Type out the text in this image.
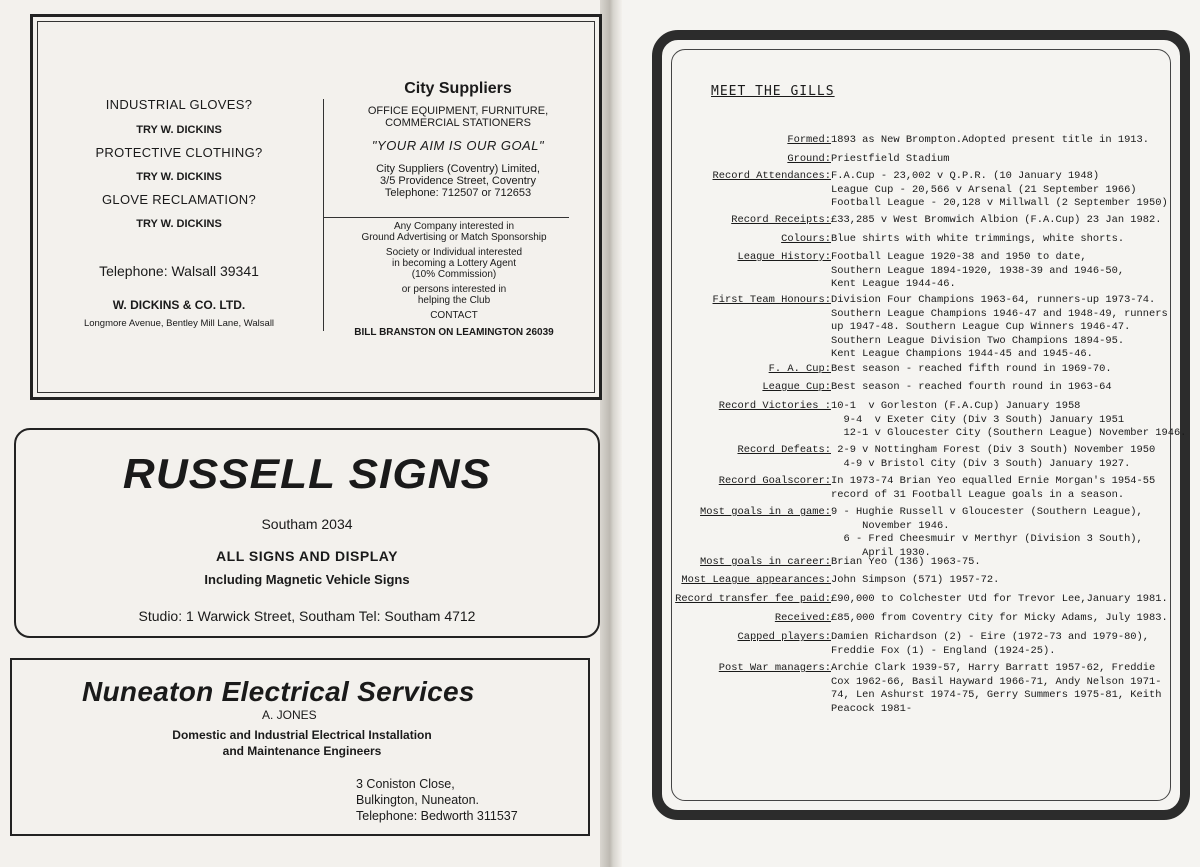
INDUSTRIAL GLOVES?
TRY W. DICKINS
PROTECTIVE CLOTHING?
TRY W. DICKINS
GLOVE RECLAMATION?
TRY W. DICKINS
Telephone: Walsall 39341
W. DICKINS & CO. LTD.
Longmore Avenue, Bentley Mill Lane, Walsall
City Suppliers
OFFICE EQUIPMENT, FURNITURE,
COMMERCIAL STATIONERS
"YOUR AIM IS OUR GOAL"
City Suppliers (Coventry) Limited,
3/5 Providence Street, Coventry
Telephone: 712507 or 712653
Any Company interested in
Ground Advertising or Match Sponsorship
Society or Individual interested
in becoming a Lottery Agent
(10% Commission)
or persons interested in
helping the Club
CONTACT
BILL BRANSTON ON LEAMINGTON 26039
RUSSELL SIGNS
Southam 2034
ALL SIGNS AND DISPLAY
Including Magnetic Vehicle Signs
Studio: 1 Warwick Street, Southam Tel: Southam 4712
Nuneaton Electrical Services
A. JONES
Domestic and Industrial Electrical Installation
and Maintenance Engineers
3 Coniston Close,
Bulkington, Nuneaton.
Telephone: Bedworth 311537
MEET THE GILLS
Formed: 1893 as New Brompton.Adopted present title in 1913.
Ground: Priestfield Stadium
Record Attendances: F.A.Cup - 23,002 v Q.P.R. (10 January 1948)
League Cup - 20,566 v Arsenal (21 September 1966)
Football League - 20,128 v Millwall (2 September 1950)
Record Receipts: £33,285 v West Bromwich Albion (F.A.Cup) 23 Jan 1982.
Colours: Blue shirts with white trimmings, white shorts.
League History: Football League 1920-38 and 1950 to date,
Southern League 1894-1920, 1938-39 and 1946-50,
Kent League 1944-46.
First Team Honours: Division Four Champions 1963-64, runners-up 1973-74.
Southern League Champions 1946-47 and 1948-49, runners
up 1947-48. Southern League Cup Winners 1946-47.
Southern League Division Two Champions 1894-95.
Kent League Champions 1944-45 and 1945-46.
F. A. Cup: Best season - reached fifth round in 1969-70.
League Cup: Best season - reached fourth round in 1963-64
Record Victories : 10-1  v Gorleston (F.A.Cup) January 1958
9-4  v Exeter City (Div 3 South) January 1951
12-1 v Gloucester City (Southern League) November 1946.
Record Defeats: 2-9 v Nottingham Forest (Div 3 South) November 1950
4-9 v Bristol City (Div 3 South) January 1927.
Record Goalscorer: In 1973-74 Brian Yeo equalled Ernie Morgan's 1954-55
record of 31 Football League goals in a season.
Most goals in a game: 9 - Hughie Russell v Gloucester (Southern League),
November 1946.
6 - Fred Cheesmuir v Merthyr (Division 3 South),
April 1930.
Most goals in career: Brian Yeo (136) 1963-75.
Most League appearances: John Simpson (571) 1957-72.
Record transfer fee paid: £90,000 to Colchester Utd for Trevor Lee,January 1981.
Received: £85,000 from Coventry City for Micky Adams, July 1983.
Capped players: Damien Richardson (2) - Eire (1972-73 and 1979-80),
Freddie Fox (1) - England (1924-25).
Post War managers: Archie Clark 1939-57, Harry Barratt 1957-62, Freddie
Cox 1962-66, Basil Hayward 1966-71, Andy Nelson 1971-
74, Len Ashurst 1974-75, Gerry Summers 1975-81, Keith
Peacock 1981-
